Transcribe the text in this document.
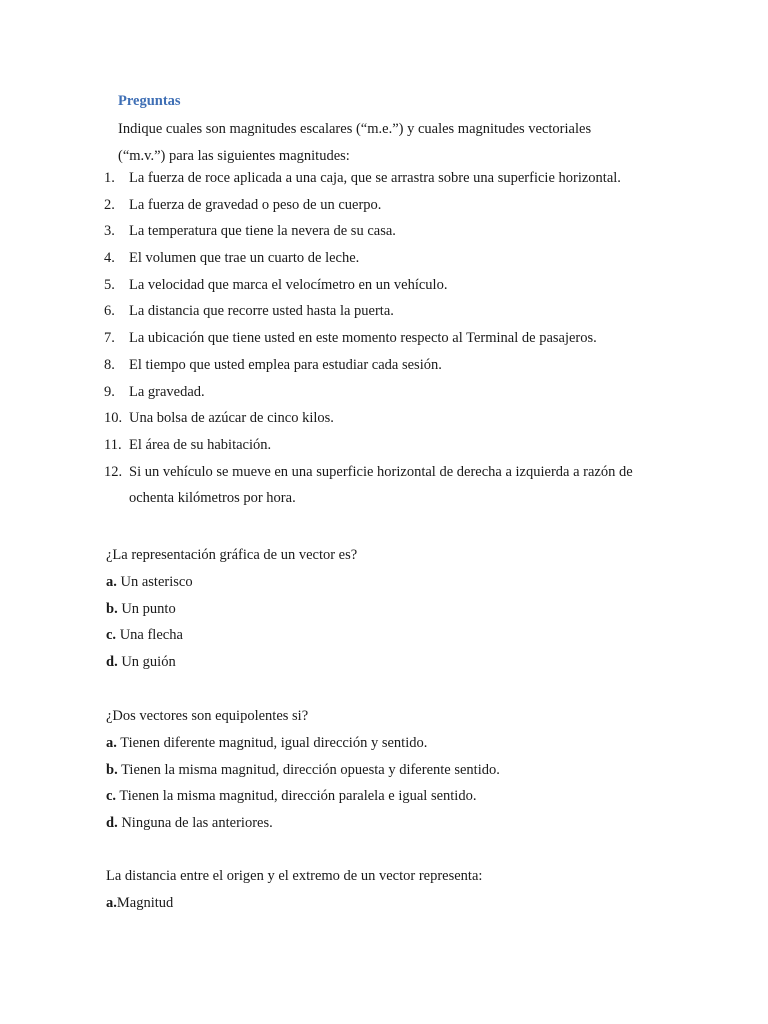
Preguntas
Indique cuales son magnitudes escalares (“m.e.”) y cuales magnitudes vectoriales
(“m.v.”) para las siguientes magnitudes:
1. La fuerza de roce aplicada a una caja, que se arrastra sobre una superficie horizontal.
2. La fuerza de gravedad o peso de un cuerpo.
3. La temperatura que tiene la nevera de su casa.
4. El volumen que trae un cuarto de leche.
5. La velocidad que marca el velocímetro en un vehículo.
6. La distancia que recorre usted hasta la puerta.
7. La ubicación que tiene usted en este momento respecto al Terminal de pasajeros.
8. El tiempo que usted emplea para estudiar cada sesión.
9. La gravedad.
10. Una bolsa de azúcar de cinco kilos.
11. El área de su habitación.
12. Si un vehículo se mueve en una superficie horizontal de derecha a izquierda a razón de
ochenta kilómetros por hora.
¿La representación gráfica de un vector es?
a. Un asterisco
b. Un punto
c. Una flecha
d. Un guión
¿Dos vectores son equipolentes si?
a. Tienen diferente magnitud, igual dirección y sentido.
b. Tienen la misma magnitud, dirección opuesta y diferente sentido.
c. Tienen la misma magnitud, dirección paralela e igual sentido.
d. Ninguna de las anteriores.
La distancia entre el origen y el extremo de un vector representa:
a.Magnitud
